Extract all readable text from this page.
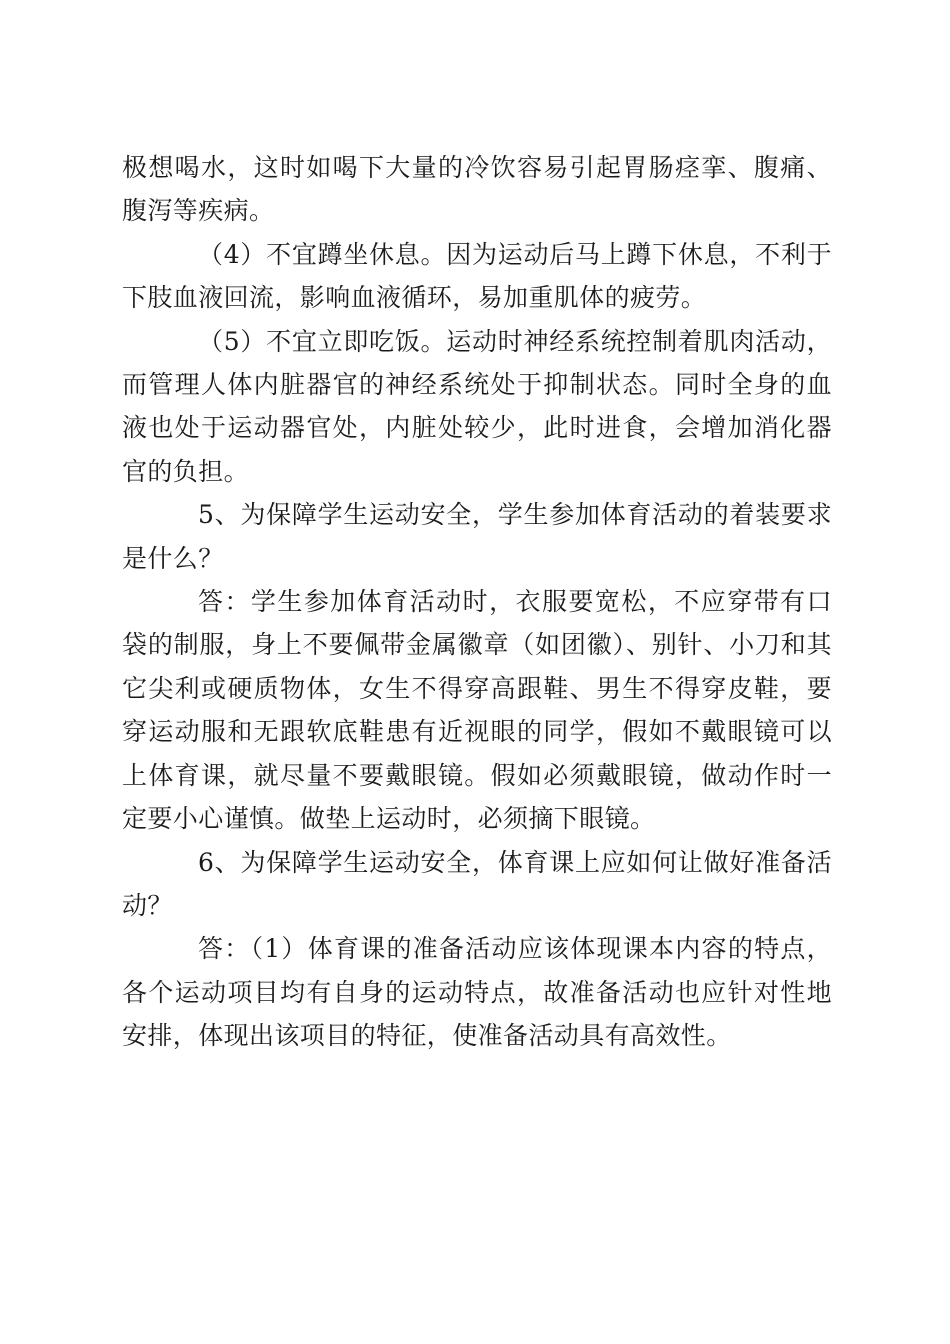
极想喝水，这时如喝下大量的冷饮容易引起胃肠痉挛、腹痛、腹泻等疾病。

（4）不宜蹲坐休息。因为运动后马上蹲下休息，不利于下肢血液回流，影响血液循环，易加重肌体的疲劳。

（5）不宜立即吃饭。运动时神经系统控制着肌肉活动，而管理人体内脏器官的神经系统处于抑制状态。同时全身的血液也处于运动器官处，内脏处较少，此时进食，会增加消化器官的负担。

5、为保障学生运动安全，学生参加体育活动的着装要求是什么？

答：学生参加体育活动时，衣服要宽松，不应穿带有口袋的制服，身上不要佩带金属徽章（如团徽）、别针、小刀和其它尖利或硬质物体，女生不得穿高跟鞋、男生不得穿皮鞋，要穿运动服和无跟软底鞋患有近视眼的同学，假如不戴眼镜可以上体育课，就尽量不要戴眼镜。假如必须戴眼镜，做动作时一定要小心谨慎。做垫上运动时，必须摘下眼镜。

6、为保障学生运动安全，体育课上应如何让做好准备活动？

答：（1）体育课的准备活动应该体现课本内容的特点，各个运动项目均有自身的运动特点，故准备活动也应针对性地安排，体现出该项目的特征，使准备活动具有高效性。
